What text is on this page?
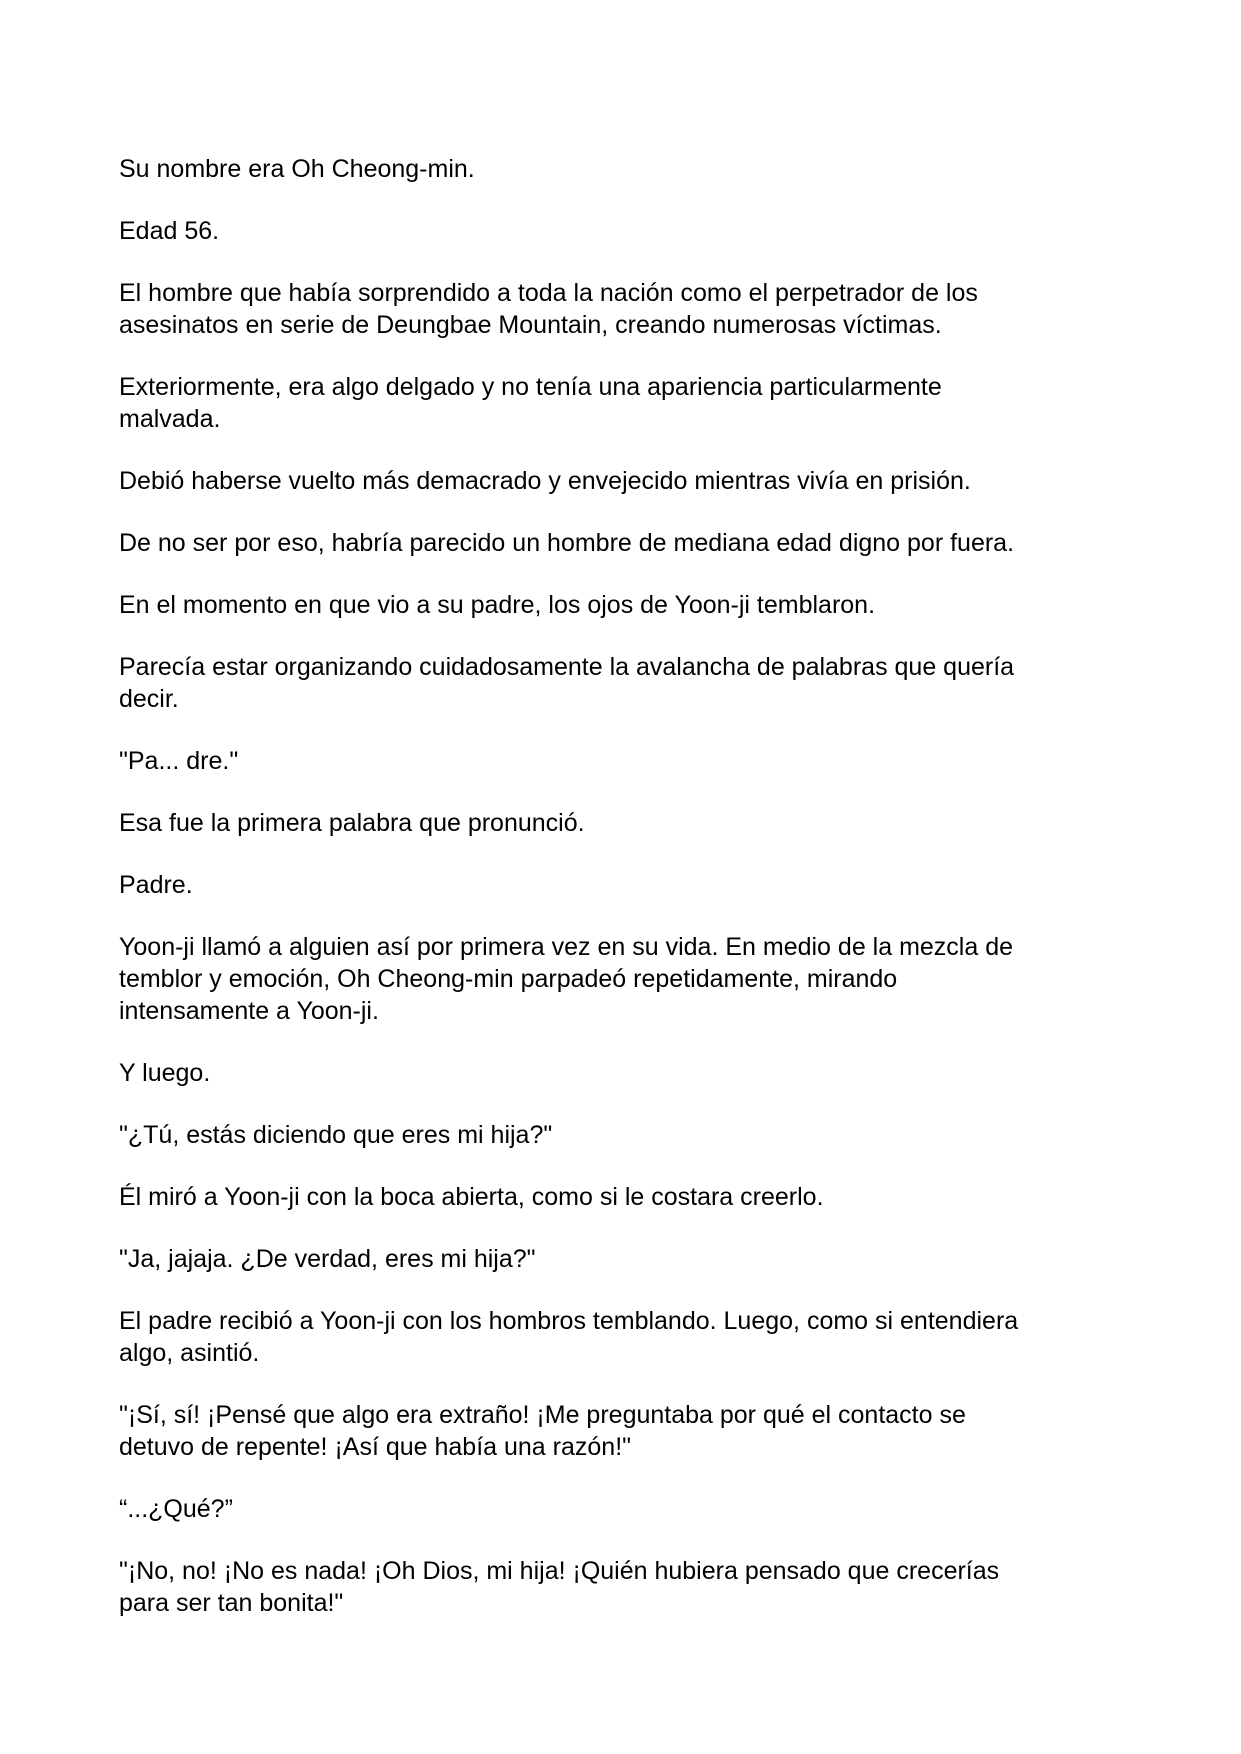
Su nombre era Oh Cheong-min.

Edad 56.

El hombre que había sorprendido a toda la nación como el perpetrador de los
asesinatos en serie de Deungbae Mountain, creando numerosas víctimas.

Exteriormente, era algo delgado y no tenía una apariencia particularmente
malvada.

Debió haberse vuelto más demacrado y envejecido mientras vivía en prisión.

De no ser por eso, habría parecido un hombre de mediana edad digno por fuera.

En el momento en que vio a su padre, los ojos de Yoon-ji temblaron.

Parecía estar organizando cuidadosamente la avalancha de palabras que quería
decir.

"Pa... dre."

Esa fue la primera palabra que pronunció.

Padre.

Yoon-ji llamó a alguien así por primera vez en su vida. En medio de la mezcla de
temblor y emoción, Oh Cheong-min parpadeó repetidamente, mirando
intensamente a Yoon-ji.

Y luego.

"¿Tú, estás diciendo que eres mi hija?"

Él miró a Yoon-ji con la boca abierta, como si le costara creerlo.

"Ja, jajaja. ¿De verdad, eres mi hija?"

El padre recibió a Yoon-ji con los hombros temblando. Luego, como si entendiera
algo, asintió.

"¡Sí, sí! ¡Pensé que algo era extraño! ¡Me preguntaba por qué el contacto se
detuvo de repente! ¡Así que había una razón!"

“...¿Qué?”

"¡No, no! ¡No es nada! ¡Oh Dios, mi hija! ¡Quién hubiera pensado que crecerías
para ser tan bonita!"
